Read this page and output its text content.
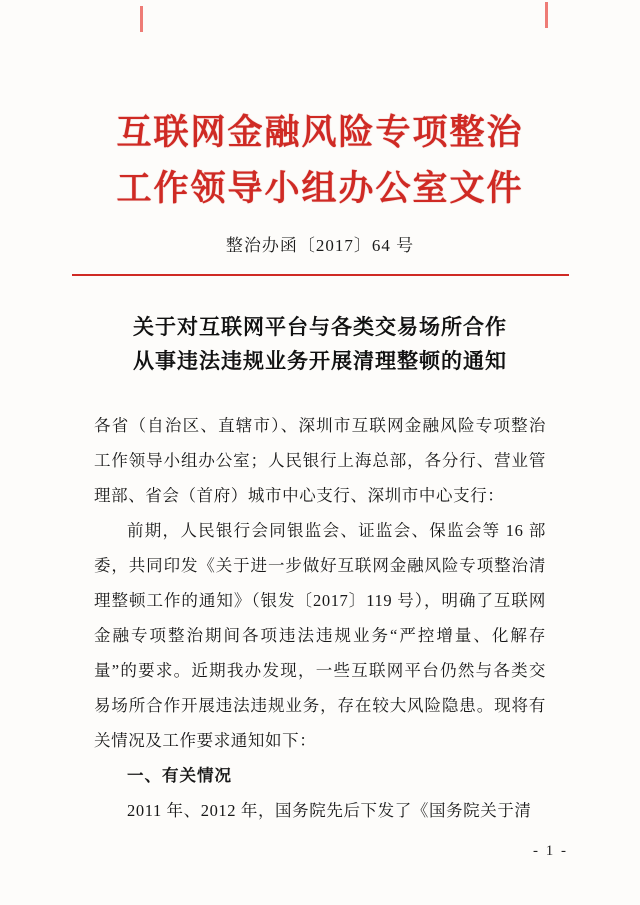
互联网金融风险专项整治
工作领导小组办公室文件
整治办函〔2017〕64 号
关于对互联网平台与各类交易场所合作
从事违法违规业务开展清理整顿的通知

各省（自治区、直辖市）、深圳市互联网金融风险专项整治工作领导小组办公室；人民银行上海总部，各分行、营业管理部、省会（首府）城市中心支行、深圳市中心支行：

前期，人民银行会同银监会、证监会、保监会等 16 部委，共同印发《关于进一步做好互联网金融风险专项整治清理整顿工作的通知》（银发〔2017〕119 号），明确了互联网金融专项整治期间各项违法违规业务“严控增量、化解存量”的要求。近期我办发现，一些互联网平台仍然与各类交易场所合作开展违法违规业务，存在较大风险隐患。现将有关情况及工作要求通知如下：

一、有关情况

2011 年、2012 年，国务院先后下发了《国务院关于清

- 1 -
